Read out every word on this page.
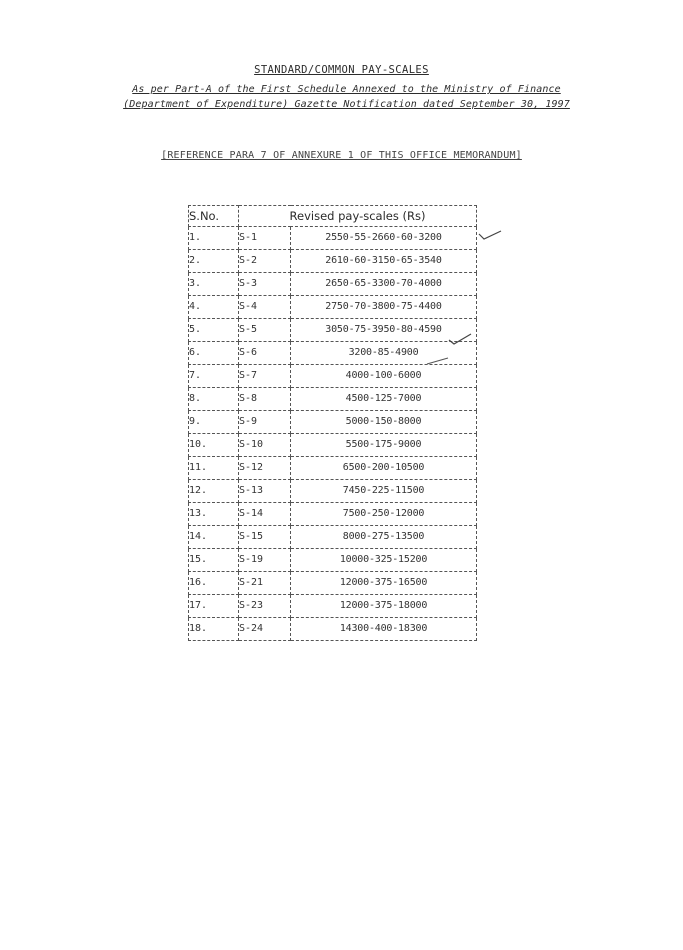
STANDARD/COMMON PAY-SCALES
As per Part-A of the First Schedule Annexed to the Ministry of Finance
(Department of Expenditure) Gazette Notification dated September 30, 1997
[REFERENCE PARA 7 OF ANNEXURE 1 OF THIS OFFICE MEMORANDUM]
S.No.	Revised pay-scales (Rs)	
1.	S-1	2550-55-2660-60-3200
2.	S-2	2610-60-3150-65-3540
3.	S-3	2650-65-3300-70-4000
4.	S-4	2750-70-3800-75-4400
5.	S-5	3050-75-3950-80-4590
6.	S-6	3200-85-4900
7.	S-7	4000-100-6000
8.	S-8	4500-125-7000
9.	S-9	5000-150-8000
10.	S-10	5500-175-9000
11.	S-12	6500-200-10500
12.	S-13	7450-225-11500
13.	S-14	7500-250-12000
14.	S-15	8000-275-13500
15.	S-19	10000-325-15200
16.	S-21	12000-375-16500
17.	S-23	12000-375-18000
18.	S-24	14300-400-18300
